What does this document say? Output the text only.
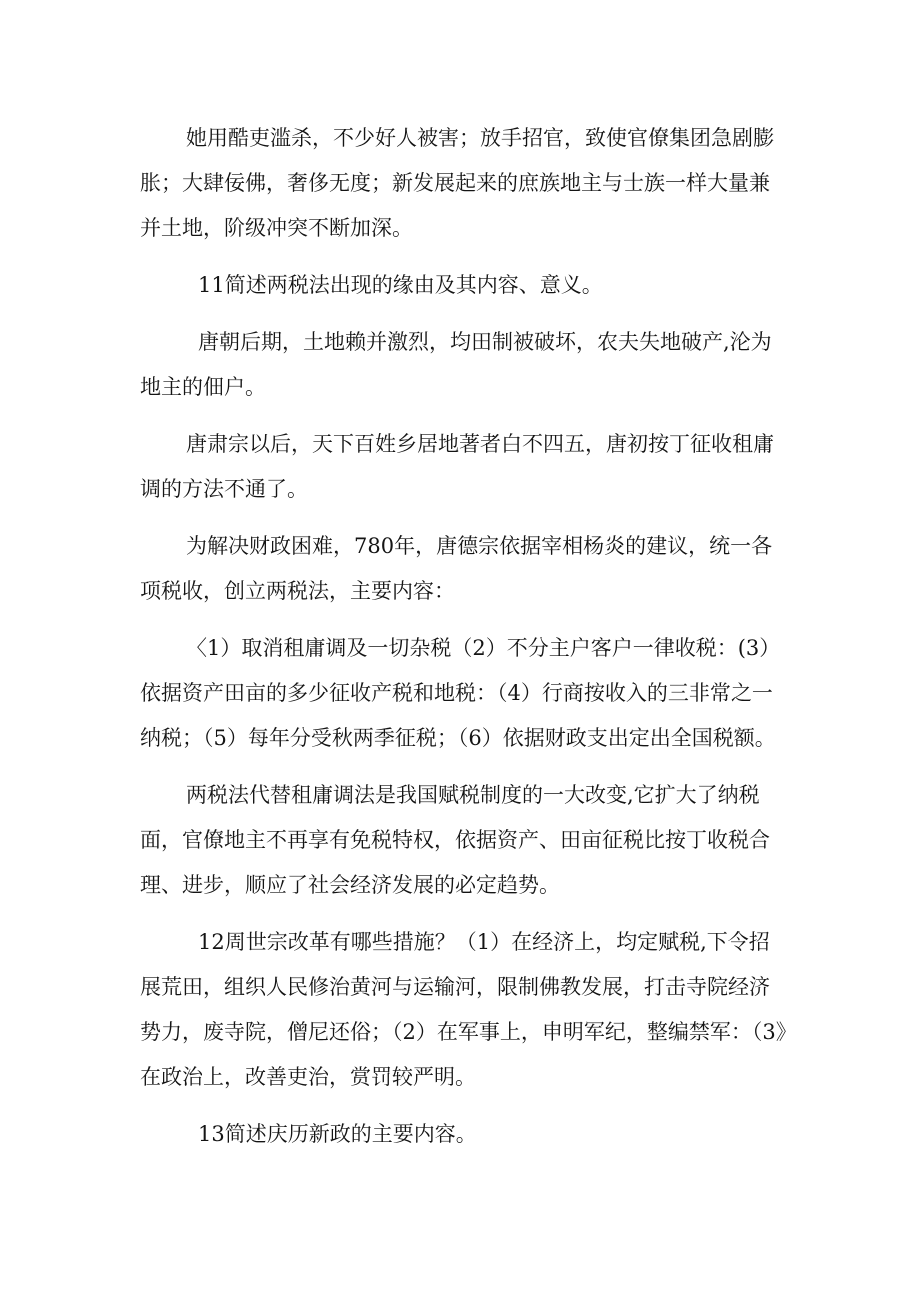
她用酷吏滥杀，不少好人被害；放手招官，致使官僚集团急剧膨胀；大肆佞佛，奢侈无度；新发展起来的庶族地主与士族一样大量兼并土地，阶级冲突不断加深。

11简述两税法出现的缘由及其内容、意义。

唐朝后期，土地赖并激烈，均田制被破坏，农夫失地破产,沦为地主的佃户。

唐肃宗以后，天下百姓乡居地著者白不四五，唐初按丁征收租庸调的方法不通了。

为解决财政困难，780年，唐德宗依据宰相杨炎的建议，统一各项税收，创立两税法，主要内容：

〈1）取消租庸调及一切杂税（2）不分主户客户一律收税：(3）依据资产田亩的多少征收产税和地税：（4）行商按收入的三非常之一纳税；（5）每年分受秋两季征税；（6）依据财政支出定出全国税额。

两税法代替租庸调法是我国赋税制度的一大改变,它扩大了纳税面，官僚地主不再享有免税特权，依据资产、田亩征税比按丁收税合理、进步，顺应了社会经济发展的必定趋势。

12周世宗改革有哪些措施？（1）在经济上，均定赋税,下令招展荒田，组织人民修治黄河与运输河，限制佛教发展，打击寺院经济势力，废寺院，僧尼还俗；（2）在军事上，申明军纪，整编禁军：（3》在政治上，改善吏治，赏罚较严明。

13简述庆历新政的主要内容。
